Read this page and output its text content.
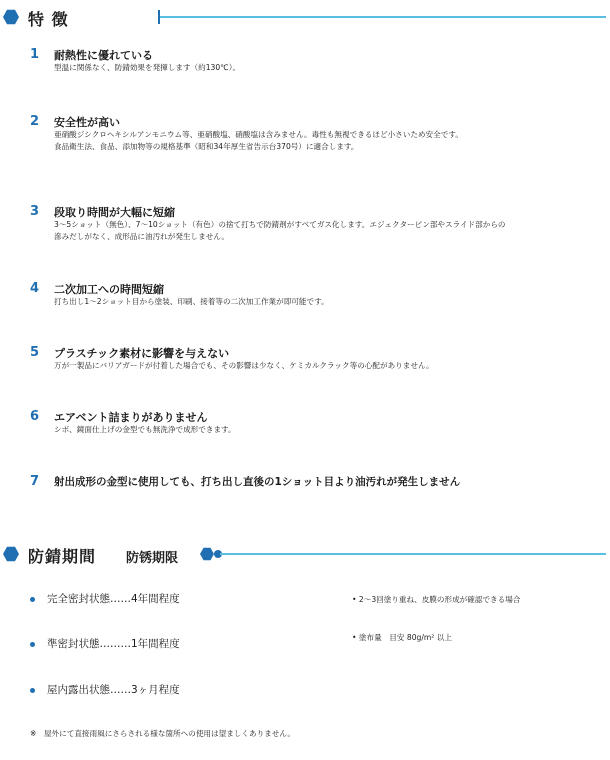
特 徴
1 耐熱性に優れている
型温に関係なく、防錆効果を発揮します（約130℃）。
2 安全性が高い
亜硝酸ジシクロヘキシルアンモニウム等、亜硝酸塩、硝酸塩は含みません。毒性も無視できるほど小さいため安全です。
食品衛生法、食品、添加物等の規格基準（昭和34年厚生省告示台370号）に適合します。
3 段取り時間が大幅に短縮
3～5ショット（無色）、7～10ショット（有色）の捨て打ちで防錆剤がすべてガス化します。エジェクターピン部やスライド部からの
滲みだしがなく、成形品に油汚れが発生しません。
4 二次加工への時間短縮
打ち出し1～2ショット目から塗装、印刷、接着等の二次加工作業が即可能です。
5 プラスチック素材に影響を与えない
万が一製品にバリアガードが付着した場合でも、その影響は少なく、ケミカルクラック等の心配がありません。
6 エアベント詰まりがありません
シボ、鏡面仕上げの金型でも無洗浄で成形できます。
7 射出成形の金型に使用しても、打ち出し直後の1ショット目より油汚れが発生しません
防錆期間 防锈期限
完全密封状態……4年間程度
準密封状態………1年間程度
屋内露出状態……3ヶ月程度
• 2～3回塗り重ね、皮膜の形成が確認できる場合
• 塗布量　目安 80g/m² 以上
※　屋外にて直接雨風にさらされる様な箇所への使用は望ましくありません。
